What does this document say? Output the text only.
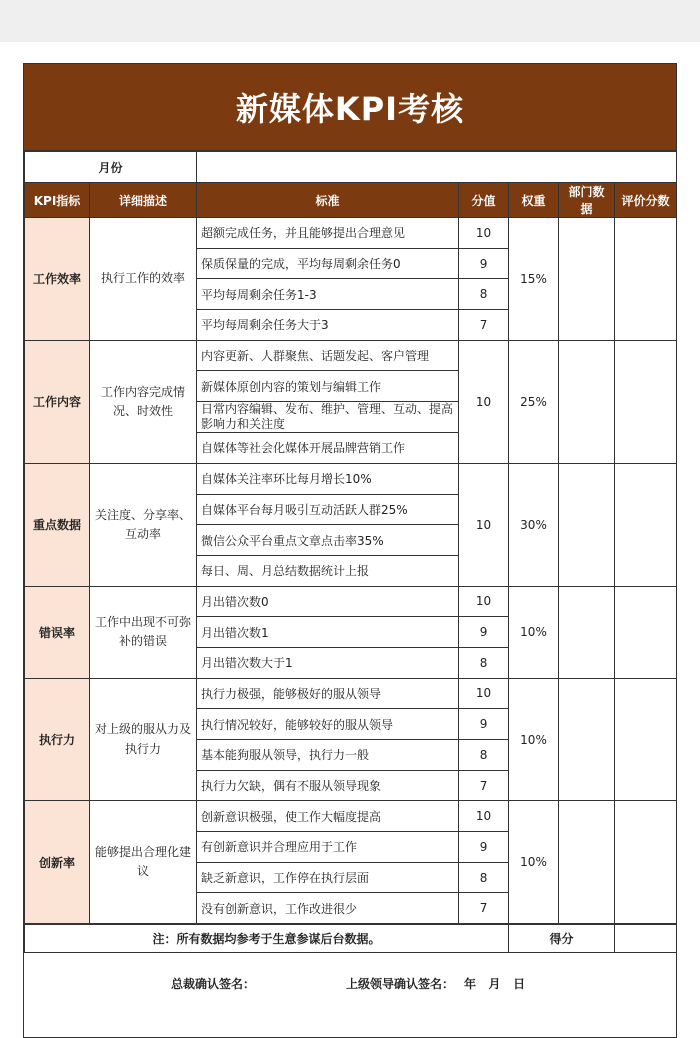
新媒体KPI考核
月份						
KPI指标	详细描述	标准	分值	权重	部门数据	评价分数
工作效率	执行工作的效率	超额完成任务，并且能够提出合理意见	10	15%		
		保质保量的完成，平均每周剩余任务0	9			
		平均每周剩余任务1-3	8			
		平均每周剩余任务大于3	7			
工作内容	工作内容完成情况、时效性	内容更新、人群聚焦、话题发起、客户管理	10	25%		
		新媒体原创内容的策划与编辑工作				
		日常内容编辑、发布、维护、管理、互动、提高影响力和关注度				
		自媒体等社会化媒体开展品牌营销工作				
重点数据	关注度、分享率、互动率	自媒体关注率环比每月增长10%	10	30%		
		自媒体平台每月吸引互动活跃人群25%				
		微信公众平台重点文章点击率35%				
		每日、周、月总结数据统计上报				
错误率	工作中出现不可弥补的错误	月出错次数0	10	10%		
		月出错次数1	9			
		月出错次数大于1	8			
执行力	对上级的服从力及执行力	执行力极强，能够极好的服从领导	10	10%		
		执行情况较好，能够较好的服从领导	9			
		基本能狗服从领导，执行力一般	8			
		执行力欠缺，偶有不服从领导现象	7			
创新率	能够提出合理化建议	创新意识极强，使工作大幅度提高	10	10%		
		有创新意识并合理应用于工作	9			
		缺乏新意识，工作停在执行层面	8			
		没有创新意识，工作改进很少	7			
注：所有数据均参考于生意参谋后台数据。	得分	
总裁确认签名：	上级领导确认签名： 年   月   日
